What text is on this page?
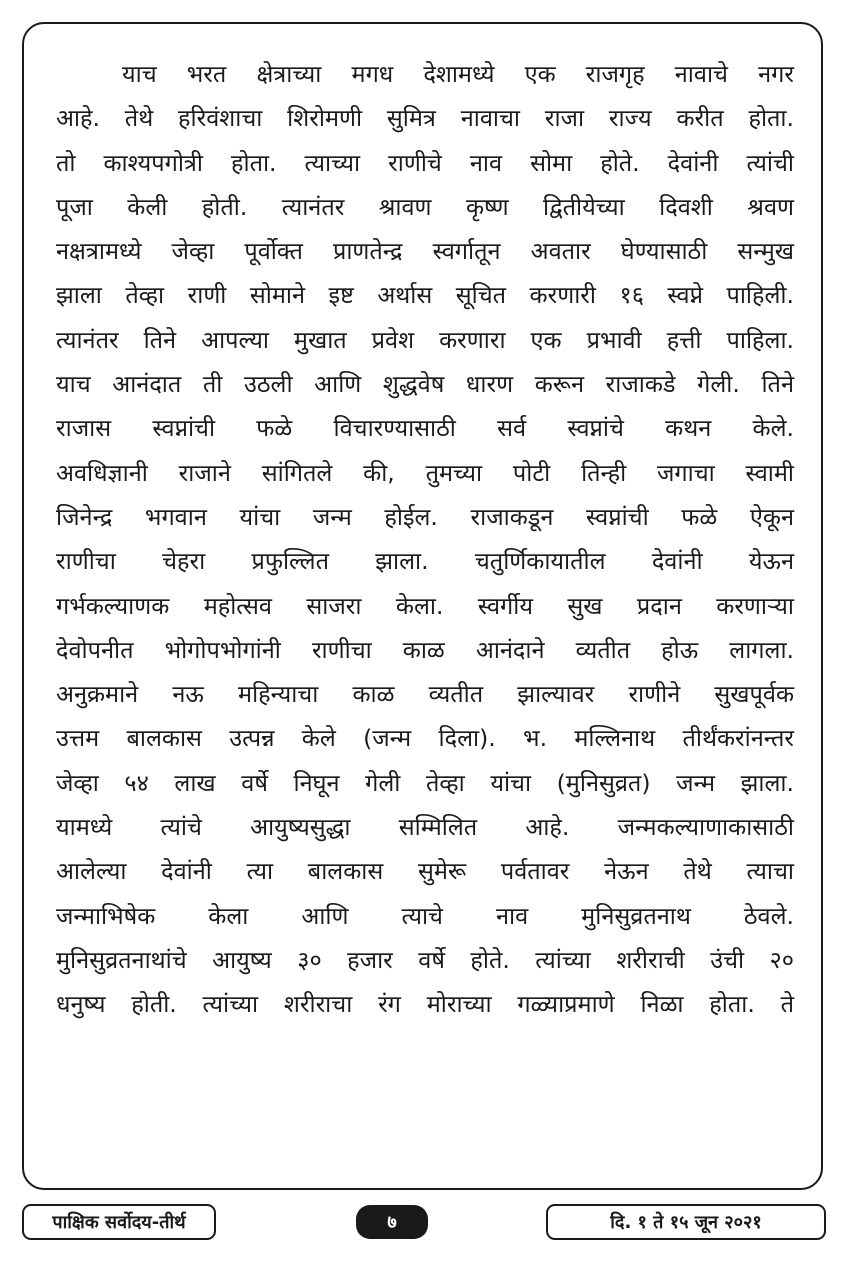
याच भरत क्षेत्राच्या मगध देशामध्ये एक राजगृह नावाचे नगर
आहे. तेथे हरिवंशाचा शिरोमणी सुमित्र नावाचा राजा राज्य करीत होता.
तो काश्यपगोत्री होता. त्याच्या राणीचे नाव सोमा होते. देवांनी त्यांची
पूजा केली होती. त्यानंतर श्रावण कृष्ण द्वितीयेच्या दिवशी श्रवण
नक्षत्रामध्ये जेव्हा पूर्वोक्त प्राणतेन्द्र स्वर्गातून अवतार घेण्यासाठी सन्मुख
झाला तेव्हा राणी सोमाने इष्ट अर्थास सूचित करणारी १६ स्वप्ने पाहिली.
त्यानंतर तिने आपल्या मुखात प्रवेश करणारा एक प्रभावी हत्ती पाहिला.
याच आनंदात ती उठली आणि शुद्धवेष धारण करून राजाकडे गेली. तिने
राजास स्वप्नांची फळे विचारण्यासाठी सर्व स्वप्नांचे कथन केले.
अवधिज्ञानी राजाने सांगितले की, तुमच्या पोटी तिन्ही जगाचा स्वामी
जिनेन्द्र भगवान यांचा जन्म होईल. राजाकडून स्वप्नांची फळे ऐकून
राणीचा चेहरा प्रफुल्लित झाला. चतुर्णिकायातील देवांनी येऊन
गर्भकल्याणक महोत्सव साजरा केला. स्वर्गीय सुख प्रदान करणाऱ्या
देवोपनीत भोगोपभोगांनी राणीचा काळ आनंदाने व्यतीत होऊ लागला.
अनुक्रमाने नऊ महिन्याचा काळ व्यतीत झाल्यावर राणीने सुखपूर्वक
उत्तम बालकास उत्पन्न केले (जन्म दिला). भ. मल्लिनाथ तीर्थंकरांनन्तर
जेव्हा ५४ लाख वर्षे निघून गेली तेव्हा यांचा (मुनिसुव्रत) जन्म झाला.
यामध्ये त्यांचे आयुष्यसुद्धा सम्मिलित आहे. जन्मकल्याणाकासाठी
आलेल्या देवांनी त्या बालकास सुमेरू पर्वतावर नेऊन तेथे त्याचा
जन्माभिषेक केला आणि त्याचे नाव मुनिसुव्रतनाथ ठेवले.
मुनिसुव्रतनाथांचे आयुष्य ३० हजार वर्षे होते. त्यांच्या शरीराची उंची २०
धनुष्य होती. त्यांच्या शरीराचा रंग मोराच्या गळ्याप्रमाणे निळा होता. ते
पाक्षिक सर्वोदय-तीर्थ	७	दि. १ ते १५ जून २०२१
